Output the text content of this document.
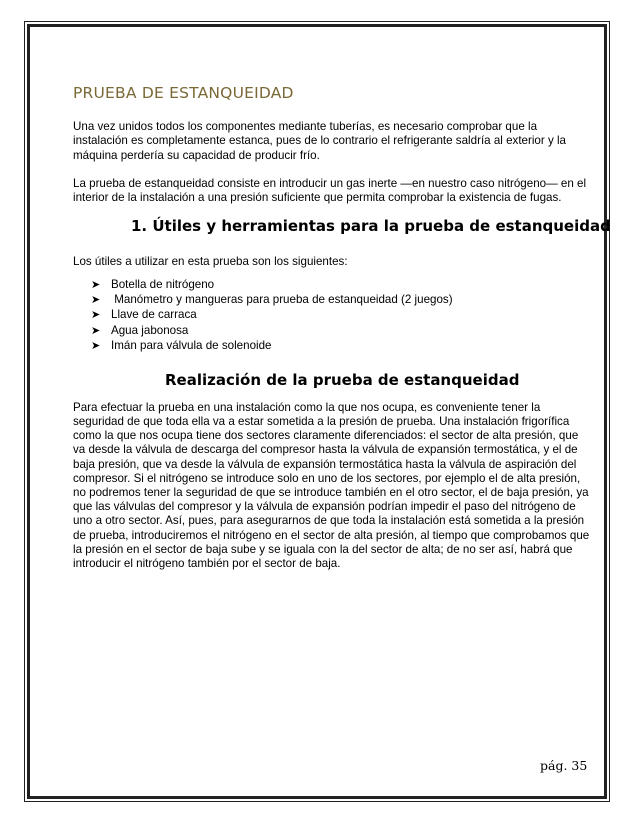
PRUEBA DE ESTANQUEIDAD

Una vez unidos todos los componentes mediante tuberías, es necesario comprobar que la instalación es completamente estanca, pues de lo contrario el refrigerante saldría al exterior y la máquina perdería su capacidad de producir frío.

La prueba de estanqueidad consiste en introducir un gas inerte —en nuestro caso nitrógeno— en el interior de la instalación a una presión suficiente que permita comprobar la existencia de fugas.

1. Útiles y herramientas para la prueba de estanqueidad

Los útiles a utilizar en esta prueba son los siguientes:

➤ Botella de nitrógeno
➤ Manómetro y mangueras para prueba de estanqueidad (2 juegos)
➤ Llave de carraca
➤ Agua jabonosa
➤ Imán para válvula de solenoide
Realización de la prueba de estanqueidad

Para efectuar la prueba en una instalación como la que nos ocupa, es conveniente tener la seguridad de que toda ella va a estar sometida a la presión de prueba. Una instalación frigorífica como la que nos ocupa tiene dos sectores claramente diferenciados: el sector de alta presión, que va desde la válvula de descarga del compresor hasta la válvula de expansión termostática, y el de baja presión, que va desde la válvula de expansión termostática hasta la válvula de aspiración del compresor. Si el nitrógeno se introduce solo en uno de los sectores, por ejemplo el de alta presión, no podremos tener la seguridad de que se introduce también en el otro sector, el de baja presión, ya que las válvulas del compresor y la válvula de expansión podrían impedir el paso del nitrógeno de uno a otro sector. Así, pues, para asegurarnos de que toda la instalación está sometida a la presión de prueba, introduciremos el nitrógeno en el sector de alta presión, al tiempo que comprobamos que la presión en el sector de baja sube y se iguala con la del sector de alta; de no ser así, habrá que introducir el nitrógeno también por el sector de baja.

pág. 35
